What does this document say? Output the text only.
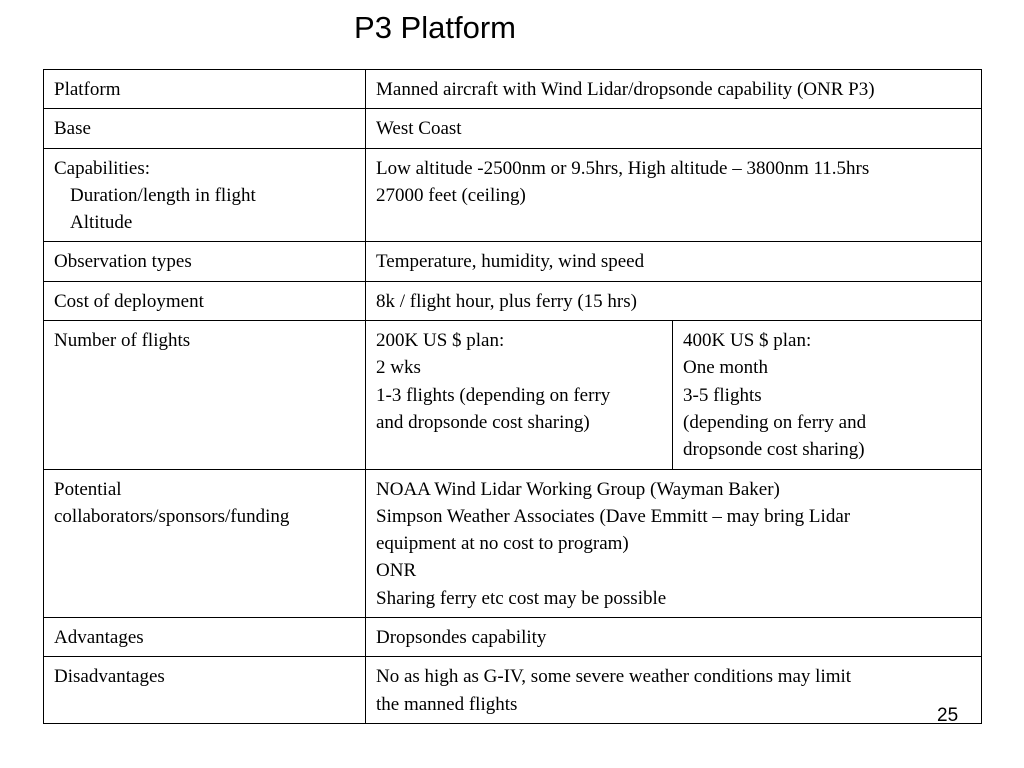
P3 Platform
Platform	Manned aircraft with Wind Lidar/dropsonde capability (ONR P3)	

Base	West Coast	

Capabilities:
Duration/length in flight
Altitude	Low altitude -2500nm or 9.5hrs, High altitude – 3800nm 11.5hrs
27000 feet (ceiling)	

Observation types	Temperature, humidity, wind speed	

Cost of deployment	8k / flight hour, plus ferry (15 hrs)	

Number of flights	200K US $ plan:
2 wks
1-3 flights (depending on ferry
and dropsonde cost sharing)	400K US $ plan:
One month
3-5 flights
(depending on ferry and
dropsonde cost sharing)

Potential
collaborators/sponsors/funding	NOAA Wind Lidar Working Group (Wayman Baker)
Simpson Weather Associates (Dave Emmitt – may bring Lidar
equipment at no cost to program)
ONR
Sharing ferry etc cost may be possible	

Advantages	Dropsondes capability	

Disadvantages	No as high as G-IV, some severe weather conditions may limit
the manned flights	
25
